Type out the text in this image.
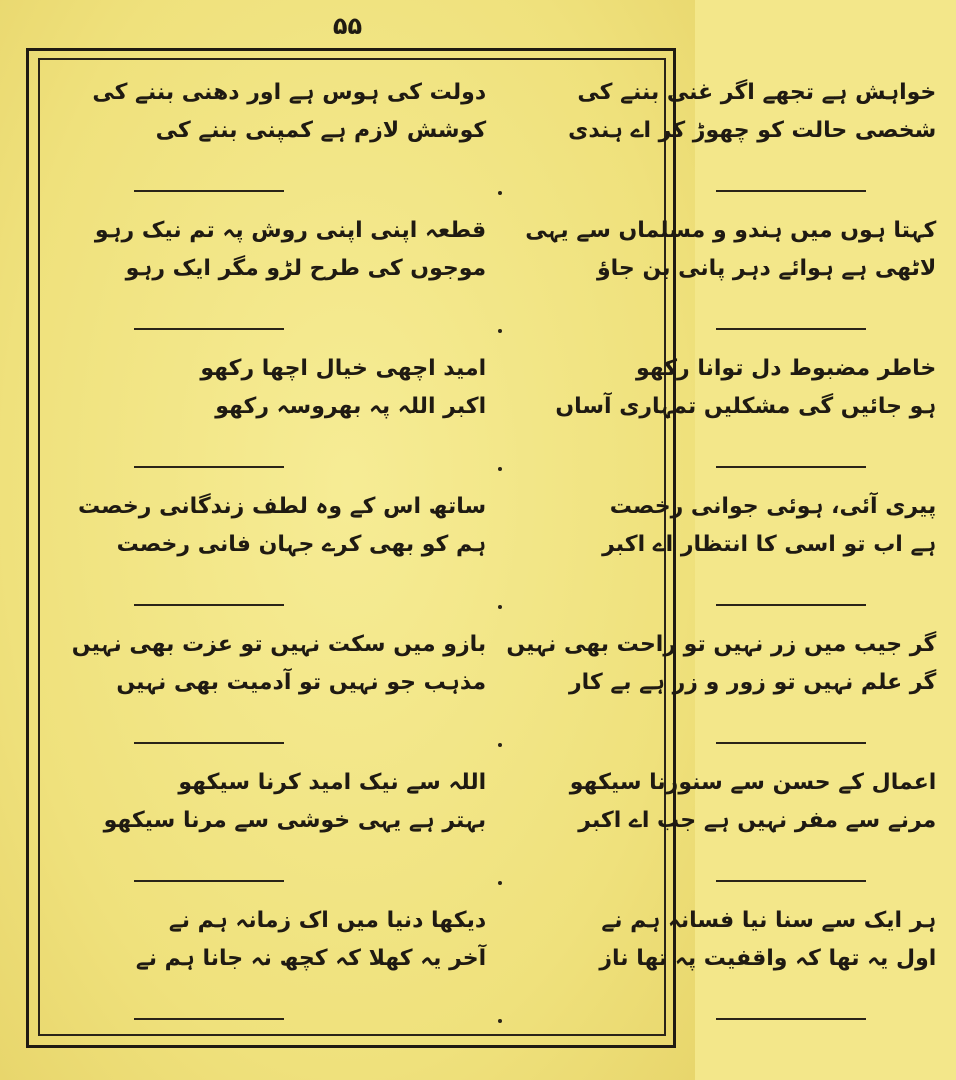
۵۵
خواہش ہے تجھے اگر غنی بننے کی
شخصی حالت کو چھوڑ کر اے ہندی
دولت کی ہوس ہے اور دھنی بننے کی
کوشش لازم ہے کمپنی بننے کی
کہتا ہوں میں ہندو و مسلماں سے یہی
لاٹھی ہے ہوائے دہر پانی بن جاؤ
قطعہ اپنی اپنی روش پہ تم نیک رہو
موجوں کی طرح لڑو مگر ایک رہو
خاطر مضبوط دل توانا رکھو
ہو جائیں گی مشکلیں تمہاری آساں
امید اچھی خیال اچھا رکھو
اکبر اللہ پہ بھروسہ رکھو
پیری آئی، ہوئی جوانی رخصت
ہے اب تو اسی کا انتظار اے اکبر
ساتھ اس کے وہ لطف زندگانی رخصت
ہم کو بھی کرے جہان فانی رخصت
گر جیب میں زر نہیں تو راحت بھی نہیں
گر علم نہیں تو زور و زر ہے بے کار
بازو میں سکت نہیں تو عزت بھی نہیں
مذہب جو نہیں تو آدمیت بھی نہیں
اعمال کے حسن سے سنورنا سیکھو
مرنے سے مفر نہیں ہے جب اے اکبر
اللہ سے نیک امید کرنا سیکھو
بہتر ہے یہی خوشی سے مرنا سیکھو
ہر ایک سے سنا نیا فسانہ ہم نے
اول یہ تھا کہ واقفیت پہ تھا ناز
دیکھا دنیا میں اک زمانہ ہم نے
آخر یہ کھلا کہ کچھ نہ جانا ہم نے
